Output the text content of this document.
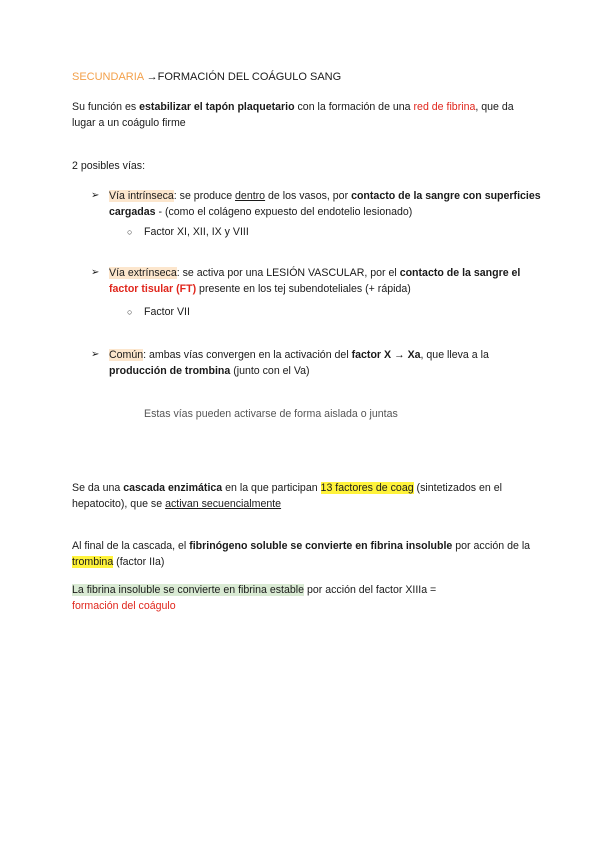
SECUNDARIA →FORMACIÓN DEL COÁGULO SANG
Su función es estabilizar el tapón plaquetario con la formación de una red de fibrina, que da lugar a un coágulo firme
2 posibles vías:
➢ Vía intrínseca: se produce dentro de los vasos, por contacto de la sangre con superficies cargadas - (como el colágeno expuesto del endotelio lesionado)
○ Factor XI, XII, IX y VIII
➢ Vía extrínseca: se activa por una LESIÓN VASCULAR, por el contacto de la sangre el factor tisular (FT) presente en los tej subendoteliales (+ rápida)
○ Factor VII
➢ Común: ambas vías convergen en la activación del factor X → Xa, que lleva a la producción de trombina (junto con el Va)
Estas vías pueden activarse de forma aislada o juntas
Se da una cascada enzimática en la que participan 13 factores de coag (sintetizados en el hepatocito), que se activan secuencialmente
Al final de la cascada, el fibrinógeno soluble se convierte en fibrina insoluble por acción de la trombina (factor IIa)
La fibrina insoluble se convierte en fibrina estable por acción del factor XIIIa =
formación del coágulo
